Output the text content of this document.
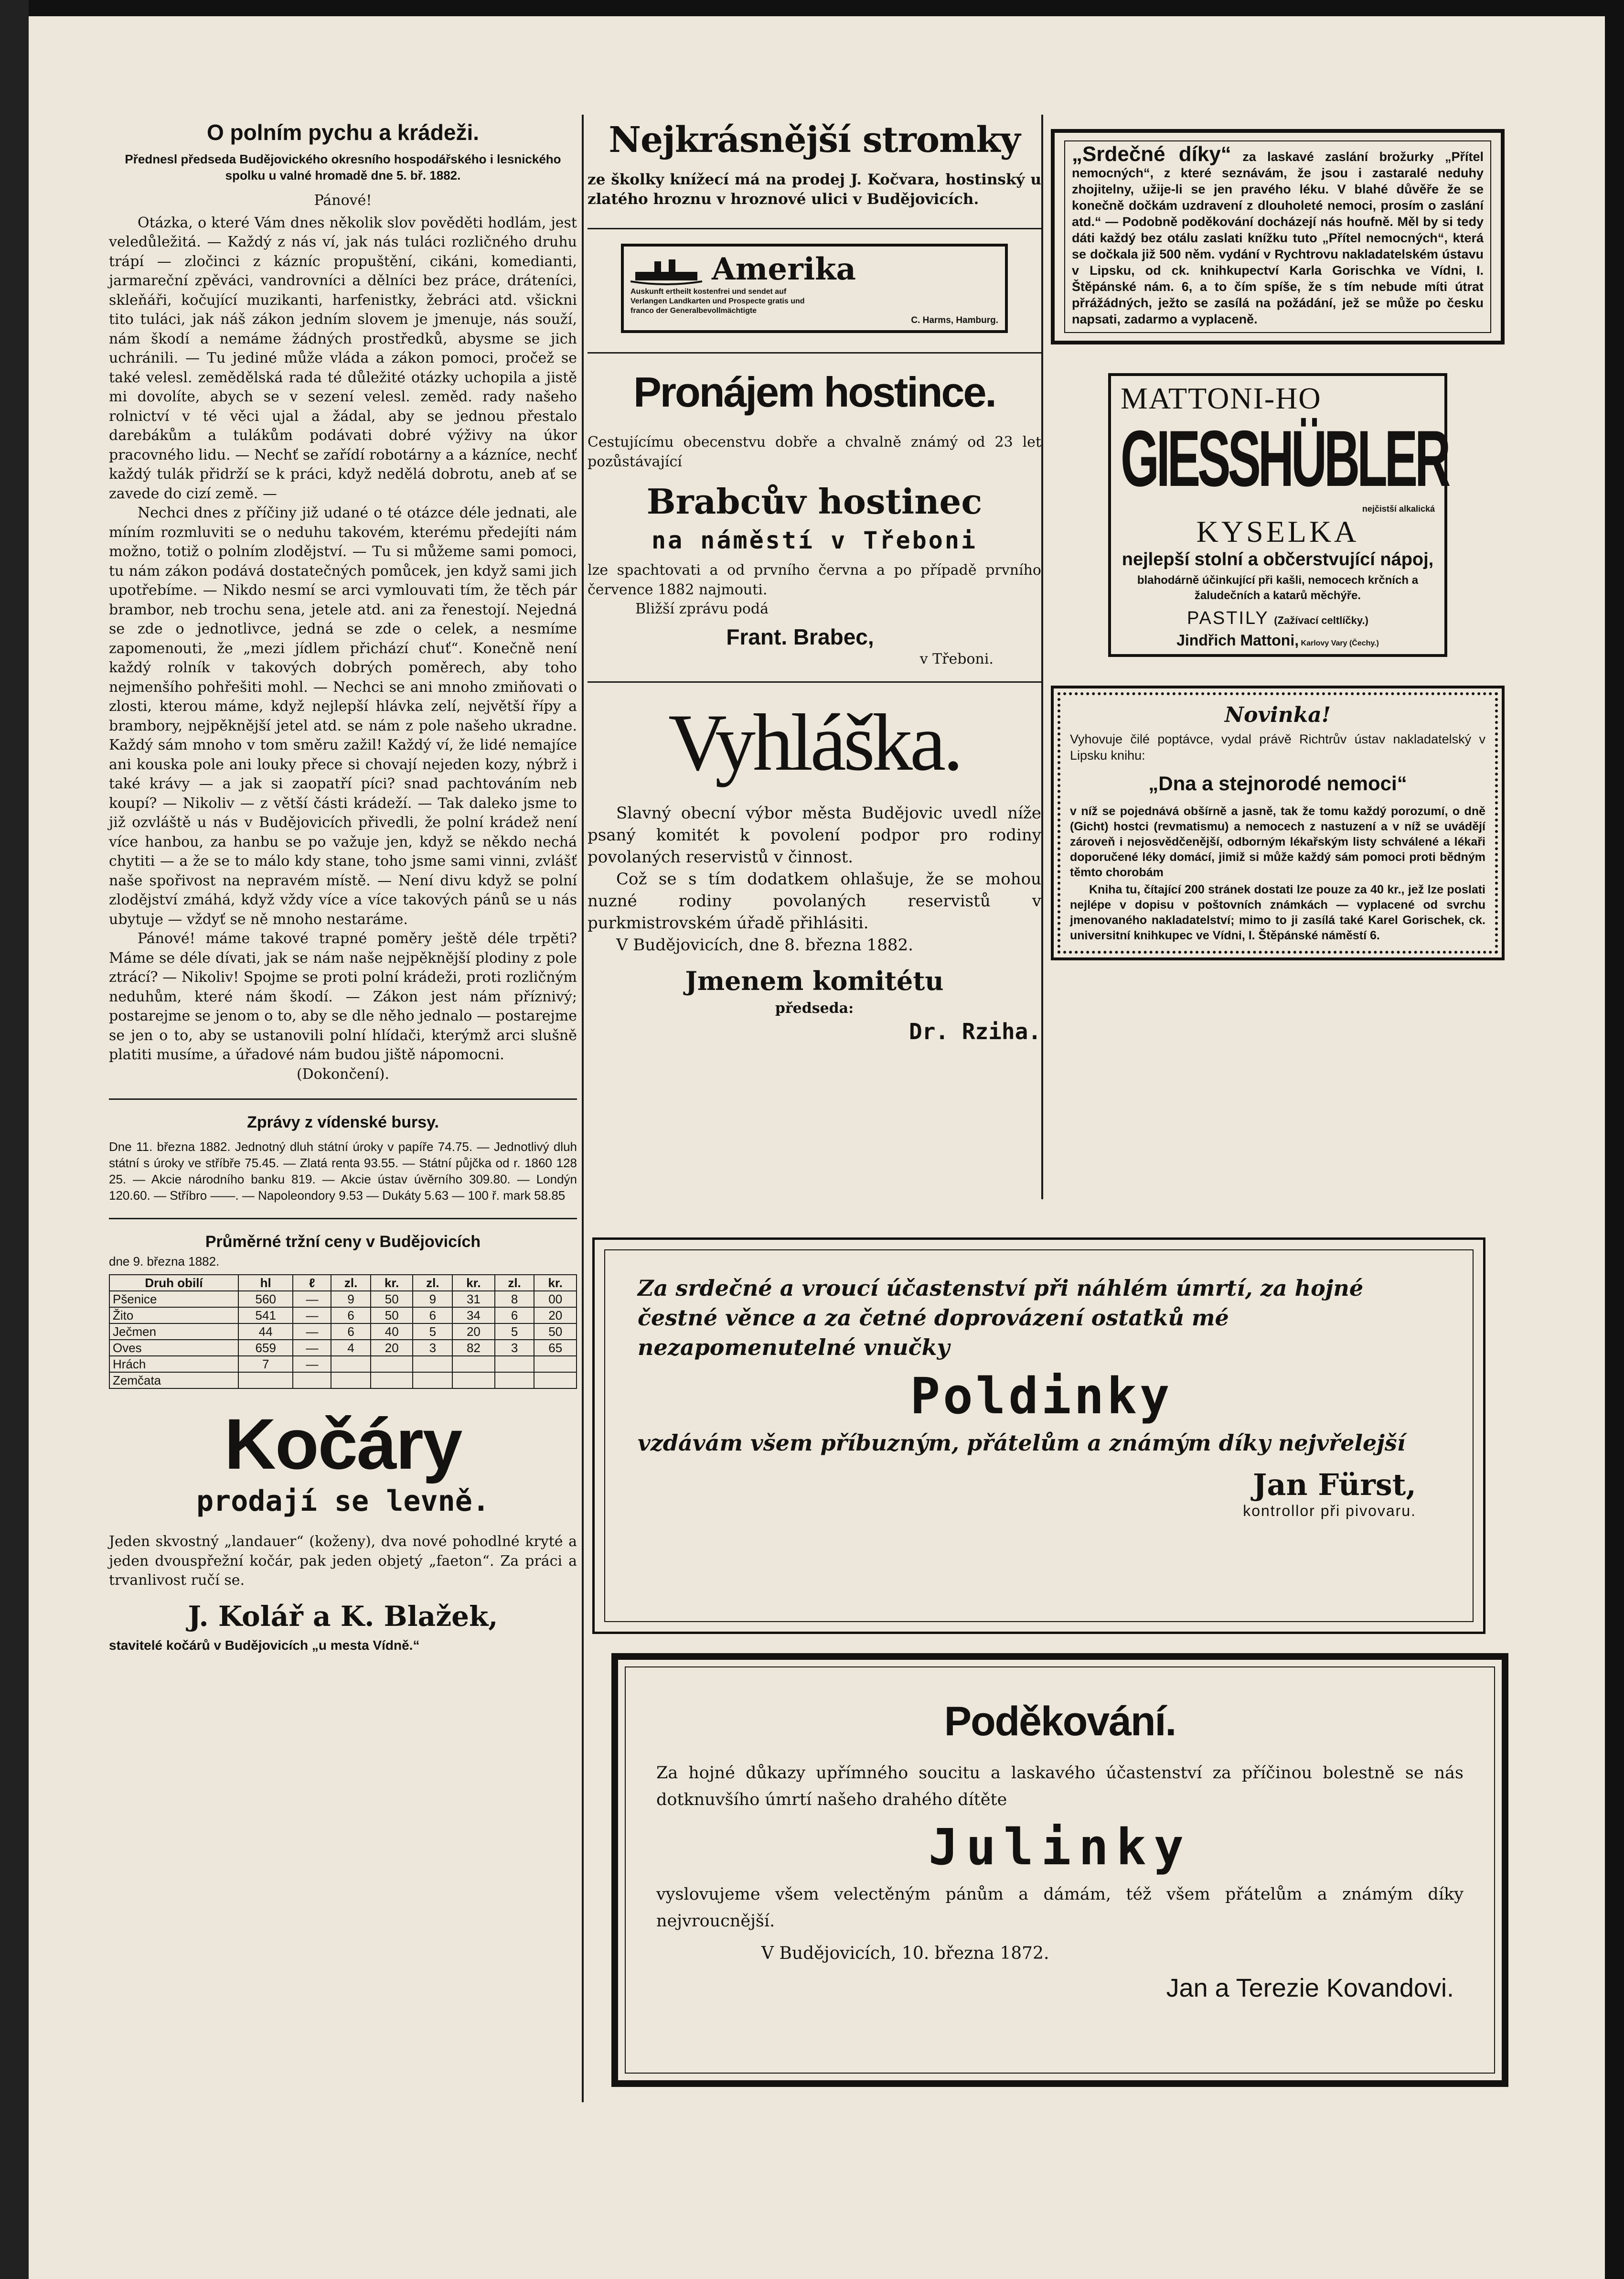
O polním pychu a krádeži.
Přednesl předseda Budějovického okresního hospodářského i lesnického spolku u valné hromadě dne 5. bř. 1882.
Pánové!

Otázka, o které Vám dnes několik slov pověděti hodlám, jest veledůležitá. — Každý z nás ví, jak nás tuláci rozličného druhu trápí — zločinci z kázníc propuštění, cikáni, komedianti, jarmareční zpěváci, vandrovníci a dělníci bez práce, dráteníci, skleňáři, kočující muzikanti, harfenistky, žebráci atd. všickni tito tuláci, jak náš zákon jedním slovem je jmenuje, nás souží, nám škodí a nemáme žádných prostředků, abysme se jich uchránili. — Tu jediné může vláda a zákon pomoci, pročež se také velesl. zemědělská rada té důležité otázky uchopila a jistě mi dovolíte, abych se v sezení velesl. zeměd. rady našeho rolnictví v té věci ujal a žádal, aby se jednou přestalo darebákům a tulákům podávati dobré výživy na úkor pracovného lidu. — Nechť se zařídí robotárny a a kázníce, nechť každý tulák přidrží se k práci, když nedělá dobrotu, aneb ať se zavede do cizí země. —

Nechci dnes z příčiny již udané o té otázce déle jednati, ale míním rozmluviti se o neduhu takovém, kterému předejíti nám možno, totiž o polním zlodějství. — Tu si můžeme sami pomoci, tu nám zákon podává dostatečných pomůcek, jen když sami jich upotřebíme. — Nikdo nesmí se arci vymlouvati tím, že těch pár brambor, neb trochu sena, jetele atd. ani za řenestojí. Nejedná se zde o jednotlivce, jedná se zde o celek, a nesmíme zapomenouti, že „mezi jídlem přichází chuť“. Konečně není každý rolník v takových dobrých poměrech, aby toho nejmenšího pohřešiti mohl. — Nechci se ani mnoho zmiňovati o zlosti, kterou máme, když nejlepší hlávka zelí, největší řípy a brambory, nejpěknější jetel atd. se nám z pole našeho ukradne. Každý sám mnoho v tom směru zažil! Každý ví, že lidé nemajíce ani kouska pole ani louky přece si chovají nejeden kozy, nýbrž i také krávy — a jak si zaopatří píci? snad pachtováním neb koupí? — Nikoliv — z větší části krádeží. — Tak daleko jsme to již ozvláště u nás v Budějovicích přivedli, že polní krádež není více hanbou, za hanbu se po važuje jen, když se někdo nechá chytiti — a že se to málo kdy stane, toho jsme sami vinni, zvlášť naše spořivost na nepravém místě. — Není divu když se polní zlodějství zmáhá, když vždy více a více takových pánů se u nás ubytuje — vždyť se ně mnoho nestaráme.

Pánové! máme takové trapné poměry ještě déle trpěti? Máme se déle dívati, jak se nám naše nejpěknější plodiny z pole ztrácí? — Nikoliv! Spojme se proti polní krádeži, proti rozličným neduhům, které nám škodí. — Zákon jest nám příznivý; postarejme se jenom o to, aby se dle něho jednalo — postarejme se jen o to, aby se ustanovili polní hlídači, kterýmž arci slušně platiti musíme, a úřadové nám budou jiště nápomocni.

(Dokončení).
Zprávy z vídenské bursy.
Dne 11. března 1882. Jednotný dluh státní úroky v papíře 74.75. — Jednotlivý dluh státní s úroky ve stříbře 75.45. — Zlatá renta 93.55. — Státní půjčka od r. 1860 128 25. — Akcie národního banku 819. — Akcie ústav úvěrního 309.80. — Londýn 120.60. — Stříbro ——. — Napoleondory 9.53 — Dukáty 5.63 — 100 ř. mark 58.85
Průměrné tržní ceny v Budějovicích
dne 9. března 1882.
Druh obilí	hl	ℓ	zl.	kr.	zl.	kr.	zl.	kr.
Pšenice	560	—	9	50	9	31	8	00
Žito	541	—	6	50	6	34	6	20
Ječmen	44	—	6	40	5	20	5	50
Oves	659	—	4	20	3	82	3	65
Hrách	7	—						
Zemčata								
Kočáry
prodají se levně.
Jeden skvostný „landauer“ (koženy), dva nové pohodlné kryté a jeden dvouspřežní kočár, pak jeden objetý „faeton“. Za práci a trvanlivost ručí se.
J. Kolář a K. Blažek,
stavitelé kočárů v Budějovicích „u mesta Vídně.“
Nejkrásnější stromky
ze školky knížecí má na prodej J. Kočvara, hostinský u zlatého hroznu v hroznové ulici v Budějovicích.
Amerika
Auskunft ertheilt kostenfrei und sendet auf
Verlangen Landkarten und Prospecte gratis und
franco der Generalbevollmächtigte
C. Harms, Hamburg.
Pronájem hostince.
Cestujícímu obecenstvu dobře a chvalně známý od 23 let pozůstávající
Brabcův hostinec
na náměstí v Třeboni
lze spachtovati a od prvního června a po případě prvního července 1882 najmouti.
Bližší zprávu podá
Frant. Brabec,
v Třeboni.
Vyhláška.

Slavný obecní výbor města Budějovic uvedl níže psaný komitét k povolení podpor pro rodiny povolaných reservistů v činnost.

Což se s tím dodatkem ohlašuje, že se mohou nuzné rodiny povolaných reservistů v purkmistrovském úřadě přihlásiti.

V Budějovicích, dne 8. března 1882.

Jmenem komitétu
předseda:
Dr. Rziha.
„Srdečné díky“ za laskavé zaslání brožurky „Přítel nemocných“, z které seznávám, že jsou i zastaralé neduhy zhojitelny, užije-li se jen pravého léku. V blahé důvěře že se konečně dočkám uzdravení z dlouholeté nemoci, prosím o zaslání atd.“ — Podobně poděkování docházejí nás houfně. Měl by si tedy dáti každý bez otálu zaslati knížku tuto „Přítel nemocných“, která se dočkala již 500 něm. vydání v Rychtrovu nakladatelském ústavu v Lipsku, od ck. knihkupectví Karla Gorischka ve Vídni, I. Štěpánské nám. 6, a to čím spíše, že s tím nebude míti útrat přrážádných, ježto se zasílá na požádání, jež se může po česku napsati, zadarmo a vyplaceně.
MATTONI-HO
GIESSHÜBLER
nejčistší alkalická
KYSELKA
nejlepší stolní a občerstvující nápoj,
blahodárně účinkující při kašli, nemocech krčních a žaludečních a katarů měchýře.
PASTILY (Zažívací celtlíčky.)
Jindřich Mattoni, Karlovy Vary (Čechy.)
Novinka!
Vyhovuje čilé poptávce, vydal právě Richtrův ústav nakladatelský v Lipsku knihu:
„Dna a stejnorodé nemoci“
v níž se pojednává obšírně a jasně, tak že tomu každý porozumí, o dně (Gicht) hostci (revmatismu) a nemocech z nastuzení a v níž se uvádějí zároveň i nejosvědčenější, odborným lékařským listy schválené a lékaři doporučené léky domácí, jimiž si může každý sám pomoci proti bědným těmto chorobám
Kniha tu, čítající 200 stránek dostati lze pouze za 40 kr., jež lze poslati nejlépe v dopisu v poštovních známkách — vyplacené od svrchu jmenovaného nakladatelství; mimo to ji zasílá také Karel Gorischek, ck. universitní knihkupec ve Vídni, I. Štěpánské náměstí 6.
Za srdečné a vroucí účastenství při náhlém úmrtí, za hojné čestné věnce a za četné doprovázení ostatků mé nezapomenutelné vnučky
Poldinky
vzdávám všem příbuzným, přátelům a známým díky nejvřelejší
Jan Fürst,
kontrollor při pivovaru.
Poděkování.
Za hojné důkazy upřímného soucitu a laskavého účastenství za příčinou bolestně se nás dotknuvšího úmrtí našeho drahého dítěte
Julinky
vyslovujeme všem velectěným pánům a dámám, též všem přátelům a známým díky nejvroucnější.
V Budějovicích, 10. března 1872.
Jan a Terezie Kovandovi.
